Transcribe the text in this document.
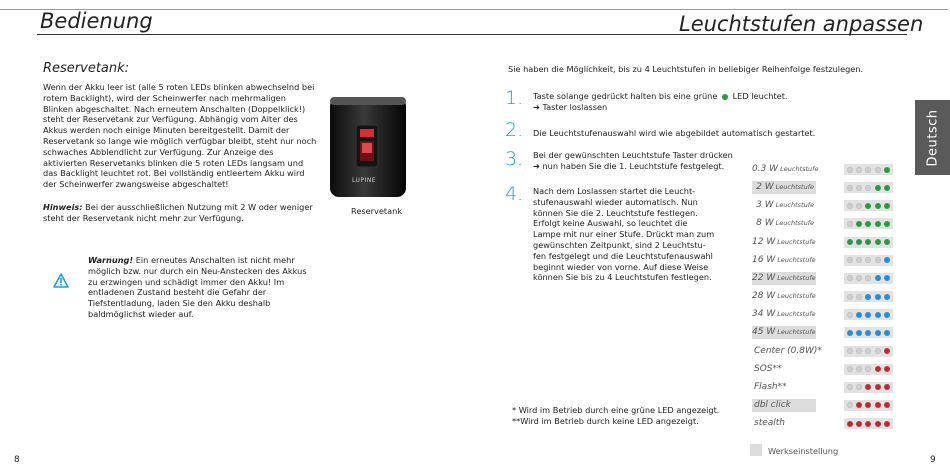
Bedienung
Reservetank:
Wenn der Akku leer ist (alle 5 roten LEDs blinken abwechselnd bei rotem Backlight), wird der Scheinwerfer nach mehrmaligen Blinken abgeschaltet. Nach erneutem Anschalten (Doppelklick!) steht der Reservetank zur Verfügung. Abhängig vom Alter des Akkus werden noch einige Minuten bereitgestellt. Damit der Reservetank so lange wie möglich verfügbar bleibt, steht nur noch schwaches Abblendlicht zur Verfügung. Zur Anzeige des aktivierten Reservetanks blinken die 5 roten LEDs langsam und das Backlight leuchtet rot. Bei vollständig entleertem Akku wird der Scheinwerfer zwangsweise abgeschaltet!
Hinweis: Bei der ausschließlichen Nutzung mit 2 W oder weniger steht der Reservetank nicht mehr zur Verfügung.
LUPINE
Reservetank
Warnung! Ein erneutes Anschalten ist nicht mehr möglich bzw. nur durch ein Neu-Anstecken des Akkus zu erzwingen und schädigt immer den Akku! Im entladenen Zustand besteht die Gefahr der Tiefstentladung, laden Sie den Akku deshalb baldmöglichst wieder auf.
8
Leuchtstufen anpassen
Deutsch
Sie haben die Möglichkeit, bis zu 4 Leuchtstufen in beliebiger Reihenfolge festzulegen.
1. Taste solange gedrückt halten bis eine grüne  LED leuchtet.
➔ Taster loslassen
2. Die Leuchtstufenauswahl wird wie abgebildet automatisch gestartet.
3. Bei der gewünschten Leuchtstufe Taster drücken
➔ nun haben Sie die 1. Leuchtstufe festgelegt.
4. Nach dem Loslassen startet die Leucht-
stufenauswahl wieder automatisch. Nun
können Sie die 2. Leuchtstufe festlegen.
Erfolgt keine Auswahl, so leuchtet die
Lampe mit nur einer Stufe. Drückt man zum
gewünschten Zeitpunkt, sind 2 Leuchtstu-
fen festgelegt und die Leuchtstufenauswahl
beginnt wieder von vorne. Auf diese Weise
können Sie bis zu 4 Leuchtstufen festlegen.
0.3 W Leuchtstufe
2 W Leuchtstufe
3 W Leuchtstufe
8 W Leuchtstufe
12 W Leuchtstufe
16 W Leuchtstufe
22 W Leuchtstufe
28 W Leuchtstufe
34 W Leuchtstufe
45 W Leuchtstufe
Center (0.8W)*
SOS**
Flash**
dbl click
stealth
* Wird im Betrieb durch eine grüne LED angezeigt.
**Wird im Betrieb durch keine LED angezeigt.
Werkseinstellung
9
